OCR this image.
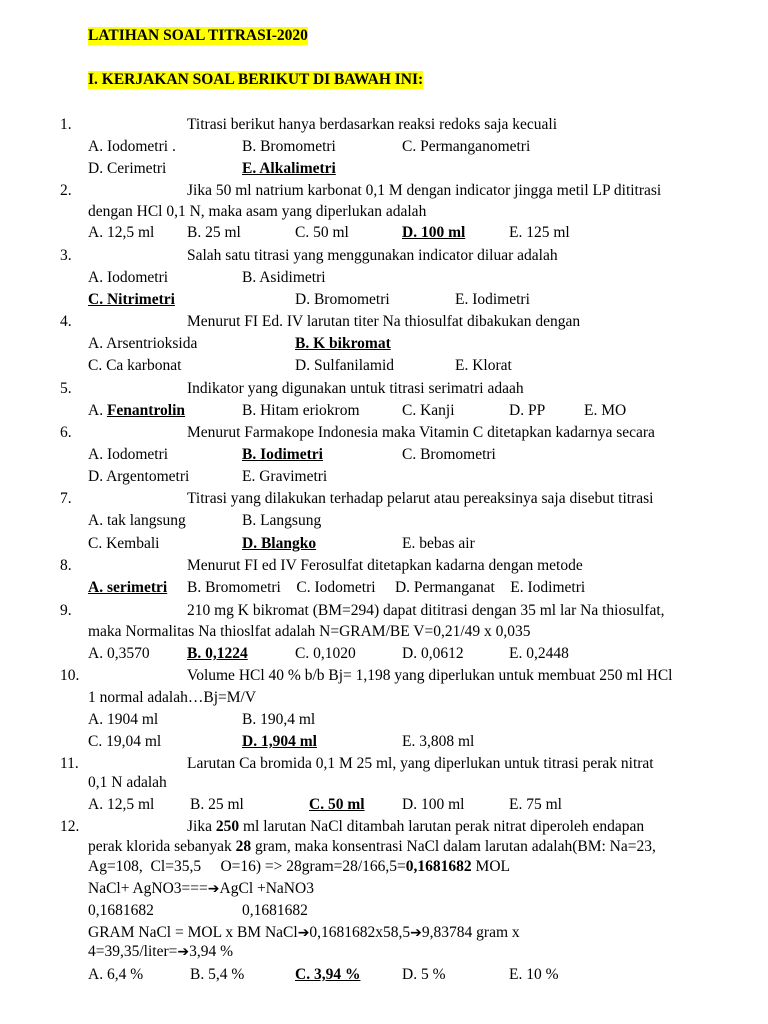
LATIHAN SOAL TITRASI-2020
I. KERJAKAN SOAL BERIKUT DI BAWAH INI:
1.	Titrasi berikut hanya berdasarkan reaksi redoks saja kecuali
A. Iodometri .	B. Bromometri	C. Permanganometri
D. Cerimetri	E. Alkalimetri
2.	Jika 50 ml natrium karbonat 0,1 M dengan indicator jingga metil LP dititrasi
dengan HCl 0,1 N, maka asam yang diperlukan adalah
A. 12,5 ml B. 25 ml	C. 50 ml	D. 100 ml	E. 125 ml
3.	Salah satu titrasi yang menggunakan indicator diluar adalah
A. Iodometri	B. Asidimetri
C. Nitrimetri	D. Bromometri	E. Iodimetri
4.	Menurut FI Ed. IV larutan titer Na thiosulfat dibakukan dengan
A. Arsentrioksida	B. K bikromat
C. Ca karbonat	D. Sulfanilamid	E. Klorat
5.	Indikator yang digunakan untuk titrasi serimatri adaah
A. Fenantrolin	B. Hitam eriokrom	C. Kanji	D. PP	E. MO
6.	Menurut Farmakope Indonesia maka Vitamin C ditetapkan kadarnya secara
A. Iodometri	B. Iodimetri	C. Bromometri
D. Argentometri	E. Gravimetri
7.	Titrasi yang dilakukan terhadap pelarut atau pereaksinya saja disebut titrasi
A. tak langsung	B. Langsung
C. Kembali	D. Blangko	E. bebas air
8.	Menurut FI ed IV Ferosulfat ditetapkan kadarna dengan metode
A. serimetri B. Bromometri    C. Iodometri     D. Permanganat    E. Iodimetri
9.	210 mg K bikromat (BM=294) dapat dititrasi dengan 35 ml lar Na thiosulfat,
maka Normalitas Na thioslfat adalah N=GRAM/BE V=0,21/49 x 0,035
A. 0,3570 B. 0,1224	C. 0,1020	D. 0,0612	E. 0,2448
10.	Volume HCl 40 % b/b Bj= 1,198 yang diperlukan untuk membuat 250 ml HCl
1 normal adalah…Bj=M/V
A. 1904 ml	B. 190,4 ml
C. 19,04 ml	D. 1,904 ml	E. 3,808 ml
11.	Larutan Ca bromida 0,1 M 25 ml, yang diperlukan untuk titrasi perak nitrat
0,1 N adalah
A. 12,5 ml B. 25 ml	C. 50 ml D. 100 ml	E. 75 ml
12.	Jika 250 ml larutan NaCl ditambah larutan perak nitrat diperoleh endapan
perak klorida sebanyak 28 gram, maka konsentrasi NaCl dalam larutan adalah(BM: Na=23,
Ag=108,  Cl=35,5     O=16) => 28gram=28/166,5=0,1681682 MOL
NaCl+ AgNO3===➔AgCl +NaNO3
0,1681682	0,1681682
GRAM NaCl = MOL x BM NaCl➔0,1681682x58,5➔9,83784 gram x
4=39,35/liter=➔3,94 %
A. 6,4 %	B. 5,4 %	C. 3,94 %	D. 5 %	E. 10 %
